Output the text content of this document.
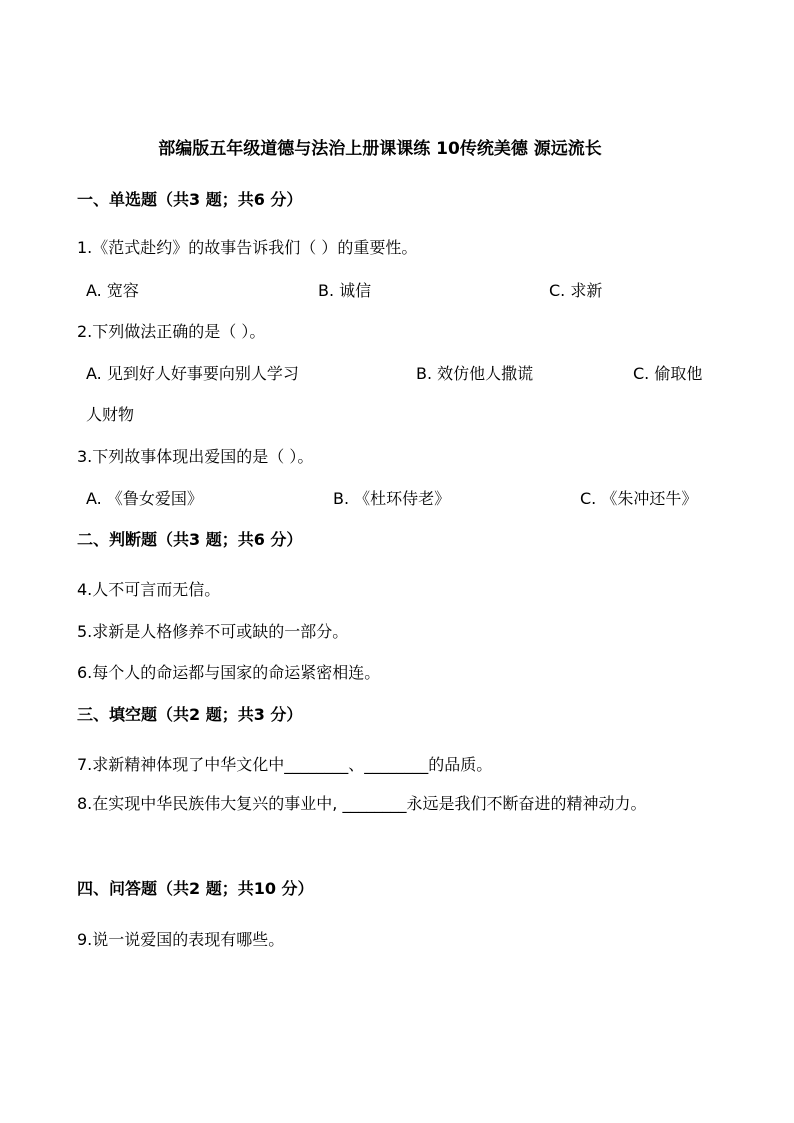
部编版五年级道德与法治上册课课练 10传统美德 源远流长
一、单选题（共3 题；共6 分）
1.《范式赴约》的故事告诉我们（ ）的重要性。
A. 宽容	B. 诚信	C. 求新
2.下列做法正确的是（ ）。
A. 见到好人好事要向别人学习	B. 效仿他人撒谎	C. 偷取他
人财物
3.下列故事体现出爱国的是（ ）。
A. 《鲁女爱国》	B. 《杜环侍老》	C. 《朱冲还牛》
二、判断题（共3 题；共6 分）
4.人不可言而无信。
5.求新是人格修养不可或缺的一部分。
6.每个人的命运都与国家的命运紧密相连。
三、填空题（共2 题；共3 分）
7.求新精神体现了中华文化中________、________的品质。
8.在实现中华民族伟大复兴的事业中, ________永远是我们不断奋进的精神动力。
四、问答题（共2 题；共10 分）
9.说一说爱国的表现有哪些。
